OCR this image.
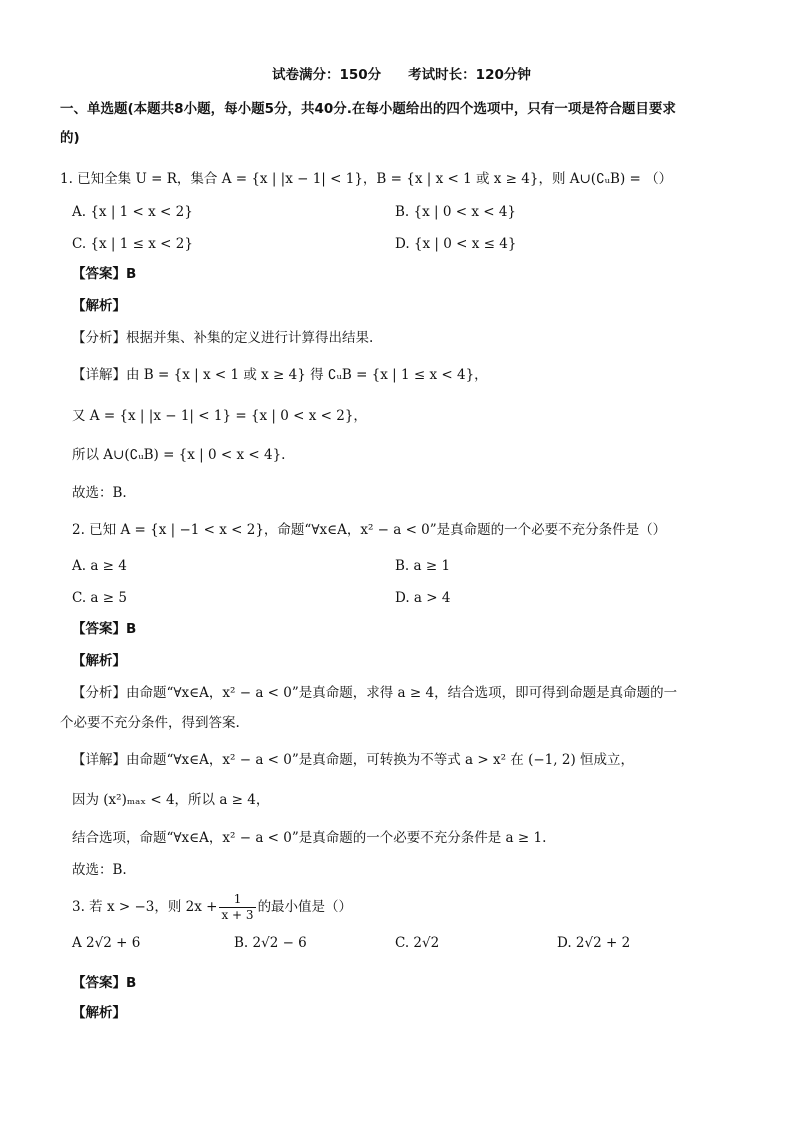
试卷满分：150分　　考试时长：120分钟
一、单选题(本题共8小题，每小题5分，共40分.在每小题给出的四个选项中，只有一项是符合题目要求
的)
1. 已知全集 U = R，集合 A = {x | |x − 1| < 1}，B = {x | x < 1 或 x ≥ 4}，则 A∪(∁ᵤB) = （）
A. {x | 1 < x < 2}	B. {x | 0 < x < 4}
C. {x | 1 ≤ x < 2}	D. {x | 0 < x ≤ 4}
【答案】B
【解析】
【分析】根据并集、补集的定义进行计算得出结果.
【详解】由 B = {x | x < 1 或 x ≥ 4} 得 ∁ᵤB = {x | 1 ≤ x < 4}，
又 A = {x | |x − 1| < 1} = {x | 0 < x < 2}，
所以 A∪(∁ᵤB) = {x | 0 < x < 4}.
故选：B.
2. 已知 A = {x | −1 < x < 2}，命题“∀x∈A，x² − a < 0”是真命题的一个必要不充分条件是（）
A. a ≥ 4	B. a ≥ 1
C. a ≥ 5	D. a > 4
【答案】B
【解析】
【分析】由命题“∀x∈A，x² − a < 0”是真命题，求得 a ≥ 4，结合选项，即可得到命题是真命题的一
个必要不充分条件，得到答案.
【详解】由命题“∀x∈A，x² − a < 0”是真命题，可转换为不等式 a > x² 在 (−1, 2) 恒成立，
因为 (x²)ₘₐₓ < 4，所以 a ≥ 4，
结合选项，命题“∀x∈A，x² − a < 0”是真命题的一个必要不充分条件是 a ≥ 1.
故选：B.
3. 若 x > −3，则 $2x + \frac{1}{x + 3}$ 的最小值是（）
A 2√2 + 6	B. 2√2 − 6	C. 2√2	D. 2√2 + 2
【答案】B
【解析】
